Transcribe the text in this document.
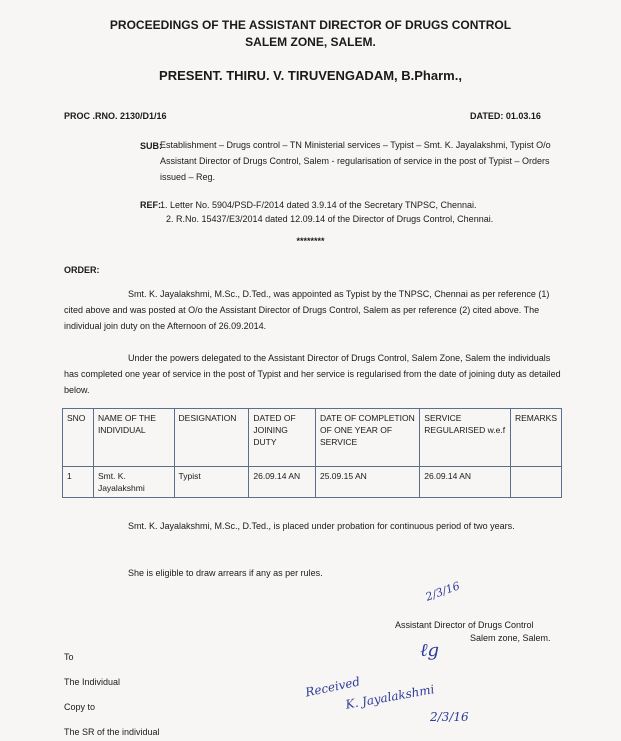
PROCEEDINGS OF THE ASSISTANT DIRECTOR OF DRUGS CONTROL
SALEM ZONE, SALEM.
PRESENT. THIRU. V. TIRUVENGADAM, B.Pharm.,
PROC .RNO. 2130/D1/16	DATED: 01.03.16
SUB:
Establishment – Drugs control – TN Ministerial services – Typist – Smt. K. Jayalakshmi, Typist O/o Assistant Director of Drugs Control, Salem - regularisation of service in the post of Typist – Orders issued – Reg.
REF: 1. Letter No. 5904/PSD-F/2014 dated 3.9.14 of the Secretary TNPSC, Chennai.
2. R.No. 15437/E3/2014 dated 12.09.14 of the Director of Drugs Control, Chennai.
********
ORDER:
Smt. K. Jayalakshmi, M.Sc., D.Ted., was appointed as Typist by the TNPSC, Chennai as per reference (1) cited above and was posted at O/o the Assistant Director of Drugs Control, Salem as per reference (2) cited above. The individual join duty on the Afternoon of 26.09.2014.
Under the powers delegated to the Assistant Director of Drugs Control, Salem Zone, Salem the individuals has completed one year of service in the post of Typist and her service is regularised from the date of joining duty as detailed below.
SNO	NAME OF THE INDIVIDUAL	DESIGNATION	DATED OF JOINING DUTY	DATE OF COMPLETION OF ONE YEAR OF SERVICE	SERVICE REGULARISED w.e.f	REMARKS
1	Smt. K. Jayalakshmi	Typist	26.09.14 AN	25.09.15 AN	26.09.14 AN	
Smt. K. Jayalakshmi, M.Sc., D.Ted., is placed under probation for continuous period of two years.
She is eligible to draw arrears if any as per rules.
2/3/16
Assistant Director of Drugs Control
Salem zone, Salem.
ℓg
To
The Individual
Copy to
The SR of the individual
Received
K. Jayalakshmi
2/3/16
